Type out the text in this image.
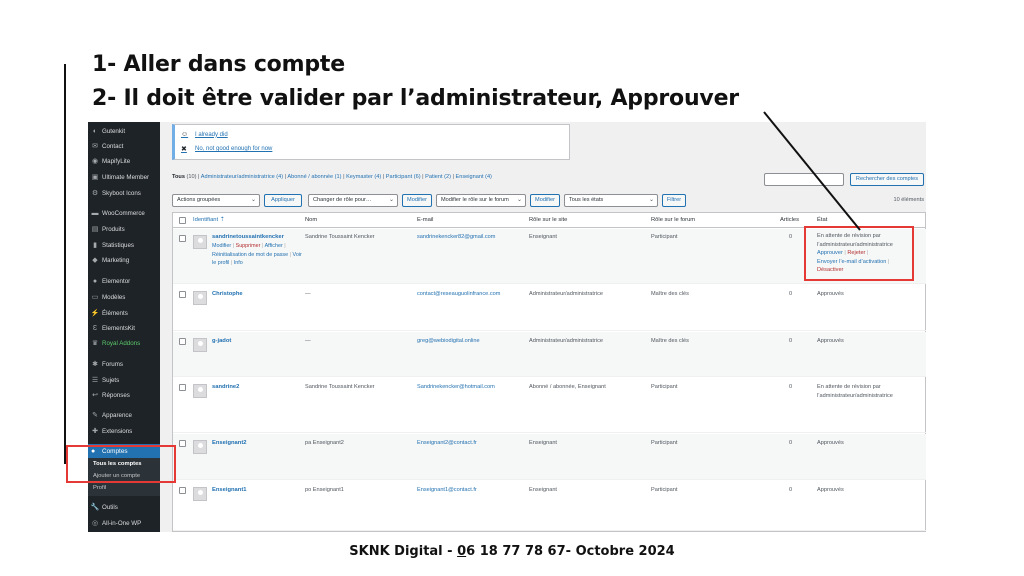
1- Aller dans compte
2- Il doit être valider par l’administrateur, Approuver
◐ Gutenkit
✉ Contact
◉ MapifyLite
▣ Ultimate Member
⚙ Skyboot Icons
▬ WooCommerce
▤ Produits
▮ Statistiques
◆ Marketing
● Elementor
▭ Modèles
⚡ Éléments
Ɛ ElementsKit
♛ Royal Addons
✱ Forums
☰ Sujets
↩ Réponses
✎ Apparence
✚ Extensions
●	Comptes
Tous les comptes
Ajouter un compte
Profil
🔧 Outils
◎ All-in-One WP
☺ I already did
✖	No, not good enough for now
Tous (10) | Administrateur/administratrice (4) | Abonné / abonnée (1) | Keymaster (4) | Participant (6) | Patient (2) | Enseignant (4)	Rechercher des comptes
Actions groupées	⌄	Appliquer	Changer de rôle pour…	⌄	Modifier	Modifier le rôle sur le forum ⌄	Modifier	Tous les états	⌄	Filtrer	10 éléments
Identifiant ⇡	Nom	E-mail	Rôle sur le site	Rôle sur le forum	Articles	État
sandrinetoussaintkencker
Modifier | Supprimer | Afficher | Réinitialisation de mot de passe | Voir le profil | Info
Sandrine Toussaint Kencker	sandrinekencker82@gmail.com	Enseignant	Participant	0	En attente de révision par l’administrateur/administratrice
Approuver | Rejeter |
Envoyer l’e-mail d’activation |
Désactiver
Christophe	—	contact@reseauguolinfrance.com	Administrateur/administratrice	Maître des clés	0	Approuvés
g-jadot	—	greg@webiodigital.online	Administrateur/administratrice	Maître des clés	0	Approuvés
sandrine2	Sandrine Toussaint Kencker	Sandrinekencker@hotmail.com	Abonné / abonnée, Enseignant	Participant	0	En attente de révision par l’administrateur/administratrice
Enseignant2	pa Enseignant2	Enseignant2@contact.fr	Enseignant	Participant	0	Approuvés
Enseignant1	po Enseignant1	Enseignant1@contact.fr	Enseignant	Participant	0	Approuvés
SKNK Digital - 06 18 77 78 67- Octobre 2024
